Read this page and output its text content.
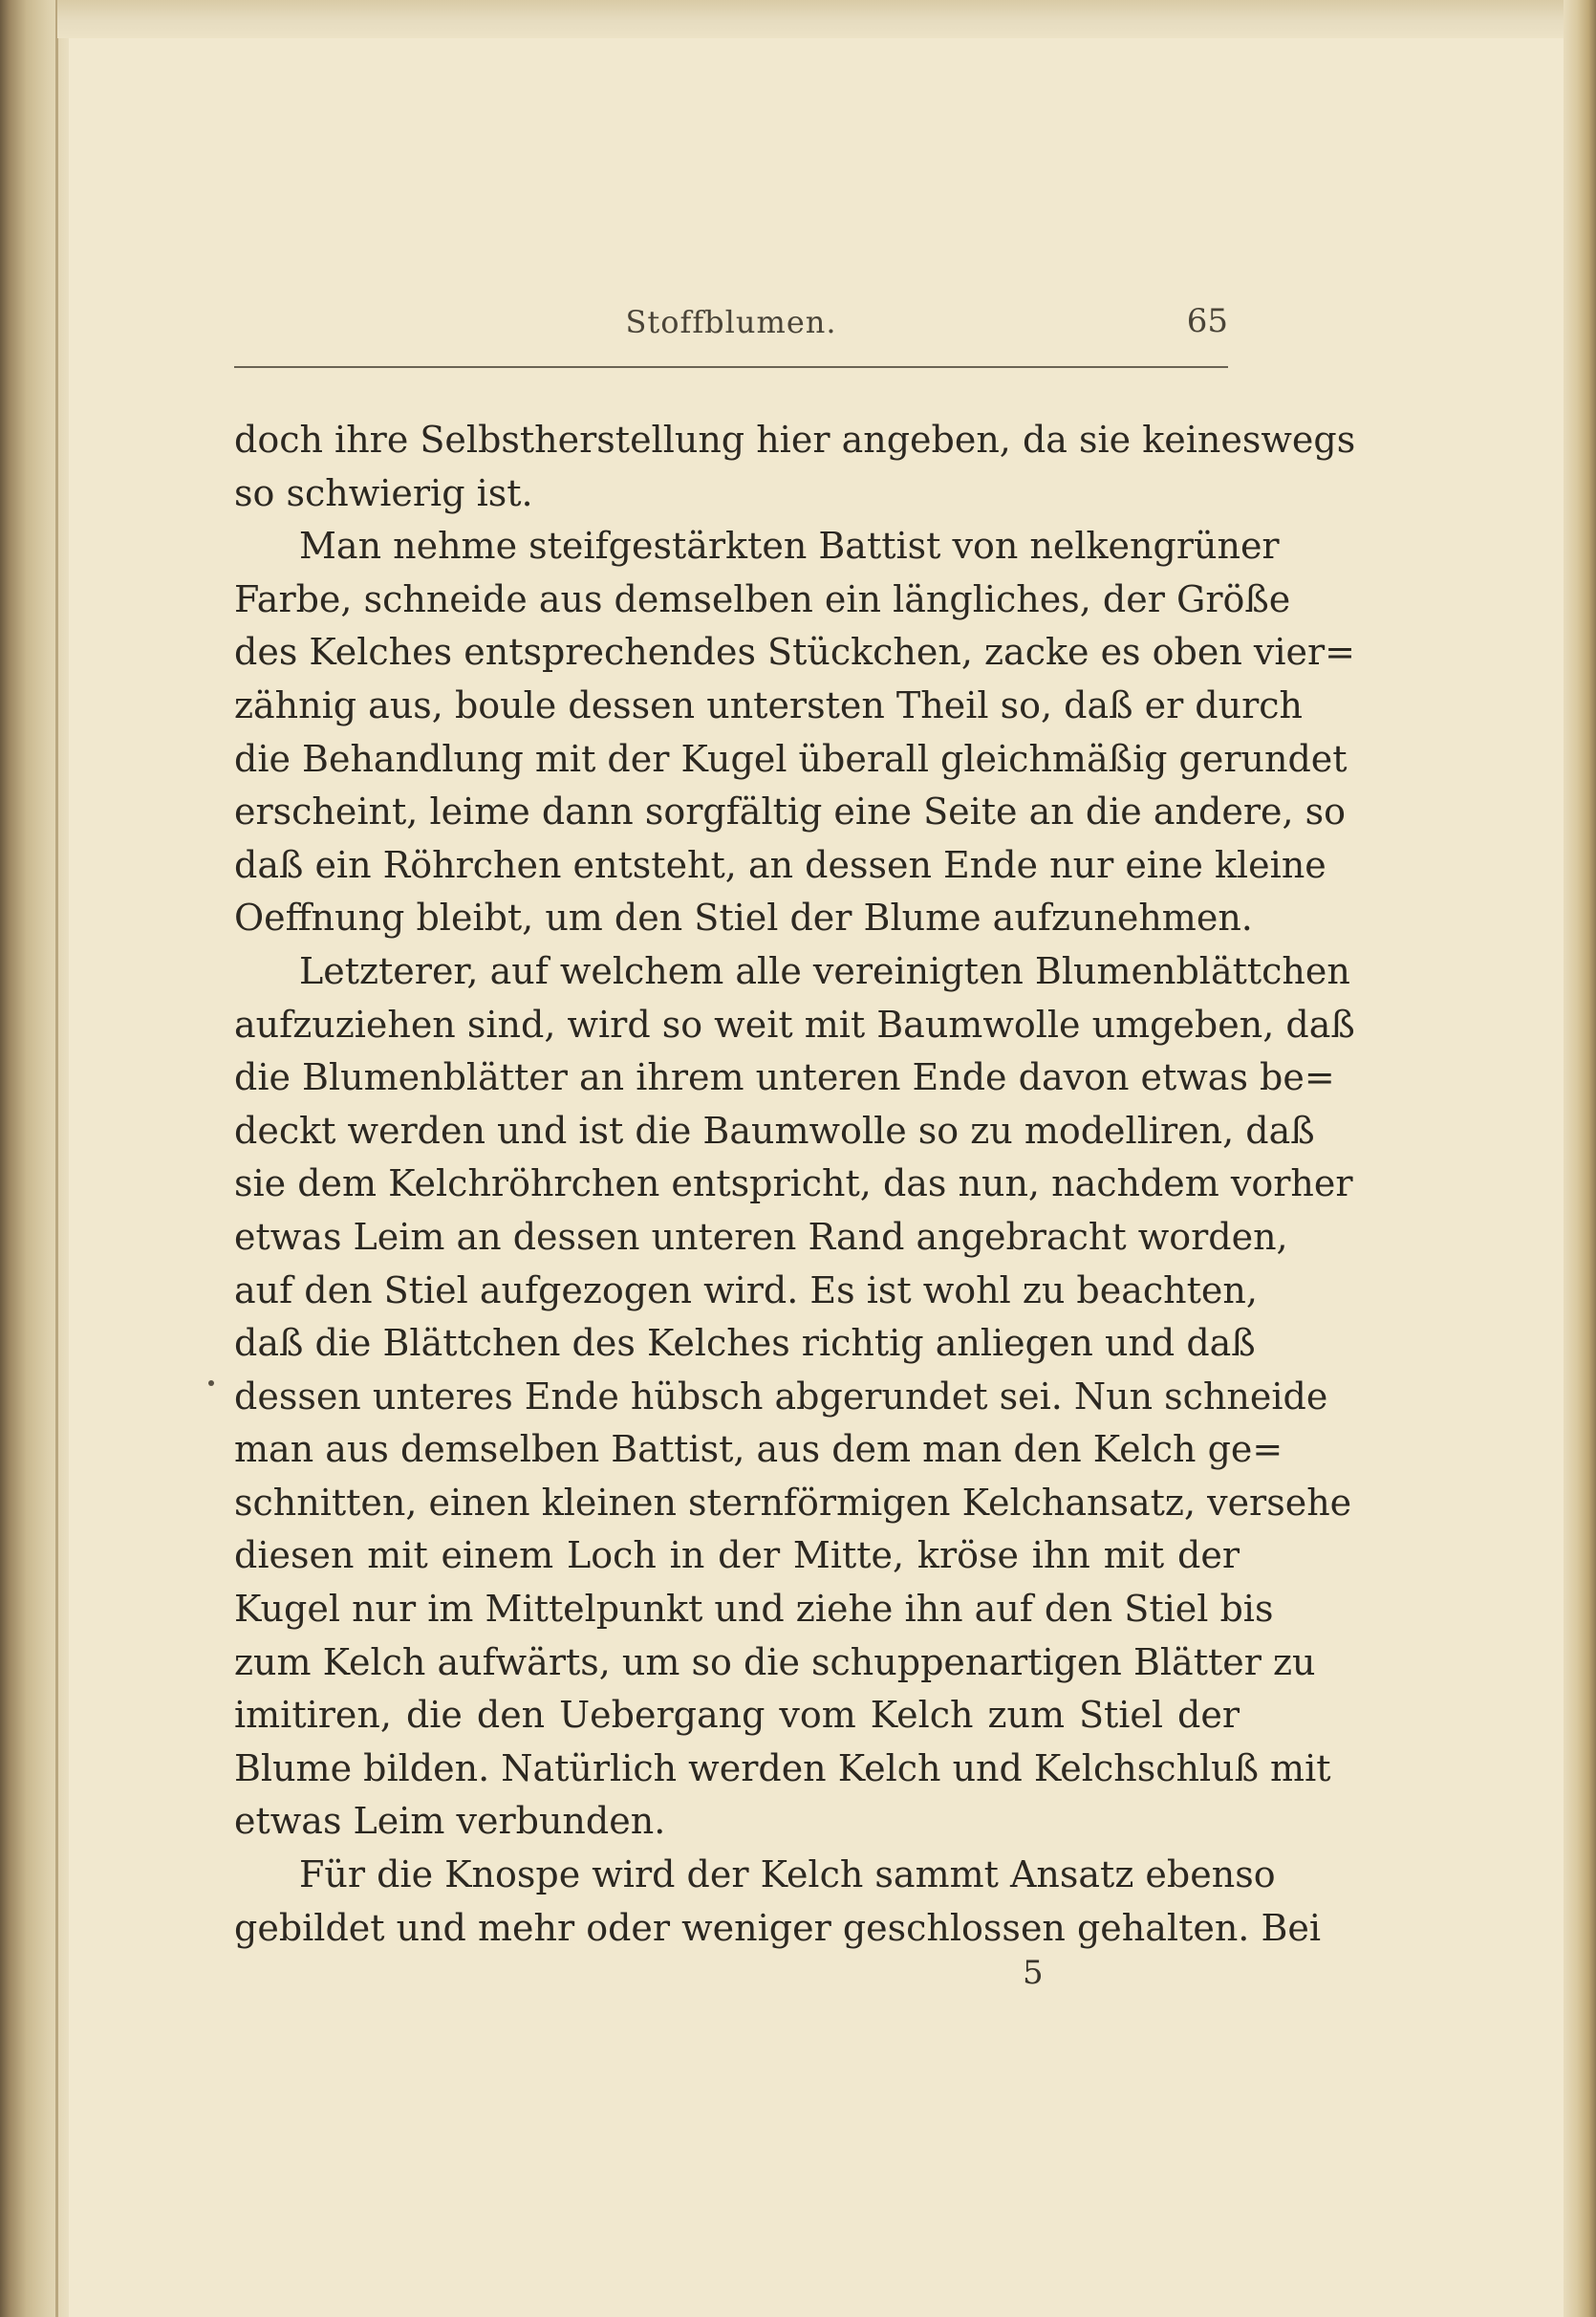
Stoffblumen.	65
doch ihre Selbstherstellung hier angeben, da sie keineswegs
so schwierig ist.
Man nehme steifgestärkten Battist von nelkengrüner
Farbe, schneide aus demselben ein längliches, der Größe
des Kelches entsprechendes Stückchen, zacke es oben vier=
zähnig aus, boule dessen untersten Theil so, daß er durch
die Behandlung mit der Kugel überall gleichmäßig gerundet
erscheint, leime dann sorgfältig eine Seite an die andere, so
daß ein Röhrchen entsteht, an dessen Ende nur eine kleine
Oeffnung bleibt, um den Stiel der Blume aufzunehmen.
Letzterer, auf welchem alle vereinigten Blumenblättchen
aufzuziehen sind, wird so weit mit Baumwolle umgeben, daß
die Blumenblätter an ihrem unteren Ende davon etwas be=
deckt werden und ist die Baumwolle so zu modelliren, daß
sie dem Kelchröhrchen entspricht, das nun, nachdem vorher
etwas Leim an dessen unteren Rand angebracht worden,
auf den Stiel aufgezogen wird. Es ist wohl zu beachten,
daß die Blättchen des Kelches richtig anliegen und daß
dessen unteres Ende hübsch abgerundet sei. Nun schneide
man aus demselben Battist, aus dem man den Kelch ge=
schnitten, einen kleinen sternförmigen Kelchansatz, versehe
diesen mit einem Loch in der Mitte, kröse ihn mit der
Kugel nur im Mittelpunkt und ziehe ihn auf den Stiel bis
zum Kelch aufwärts, um so die schuppenartigen Blätter zu
imitiren, die den Uebergang vom Kelch zum Stiel der
Blume bilden. Natürlich werden Kelch und Kelchschluß mit
etwas Leim verbunden.
Für die Knospe wird der Kelch sammt Ansatz ebenso
gebildet und mehr oder weniger geschlossen gehalten. Bei
5
